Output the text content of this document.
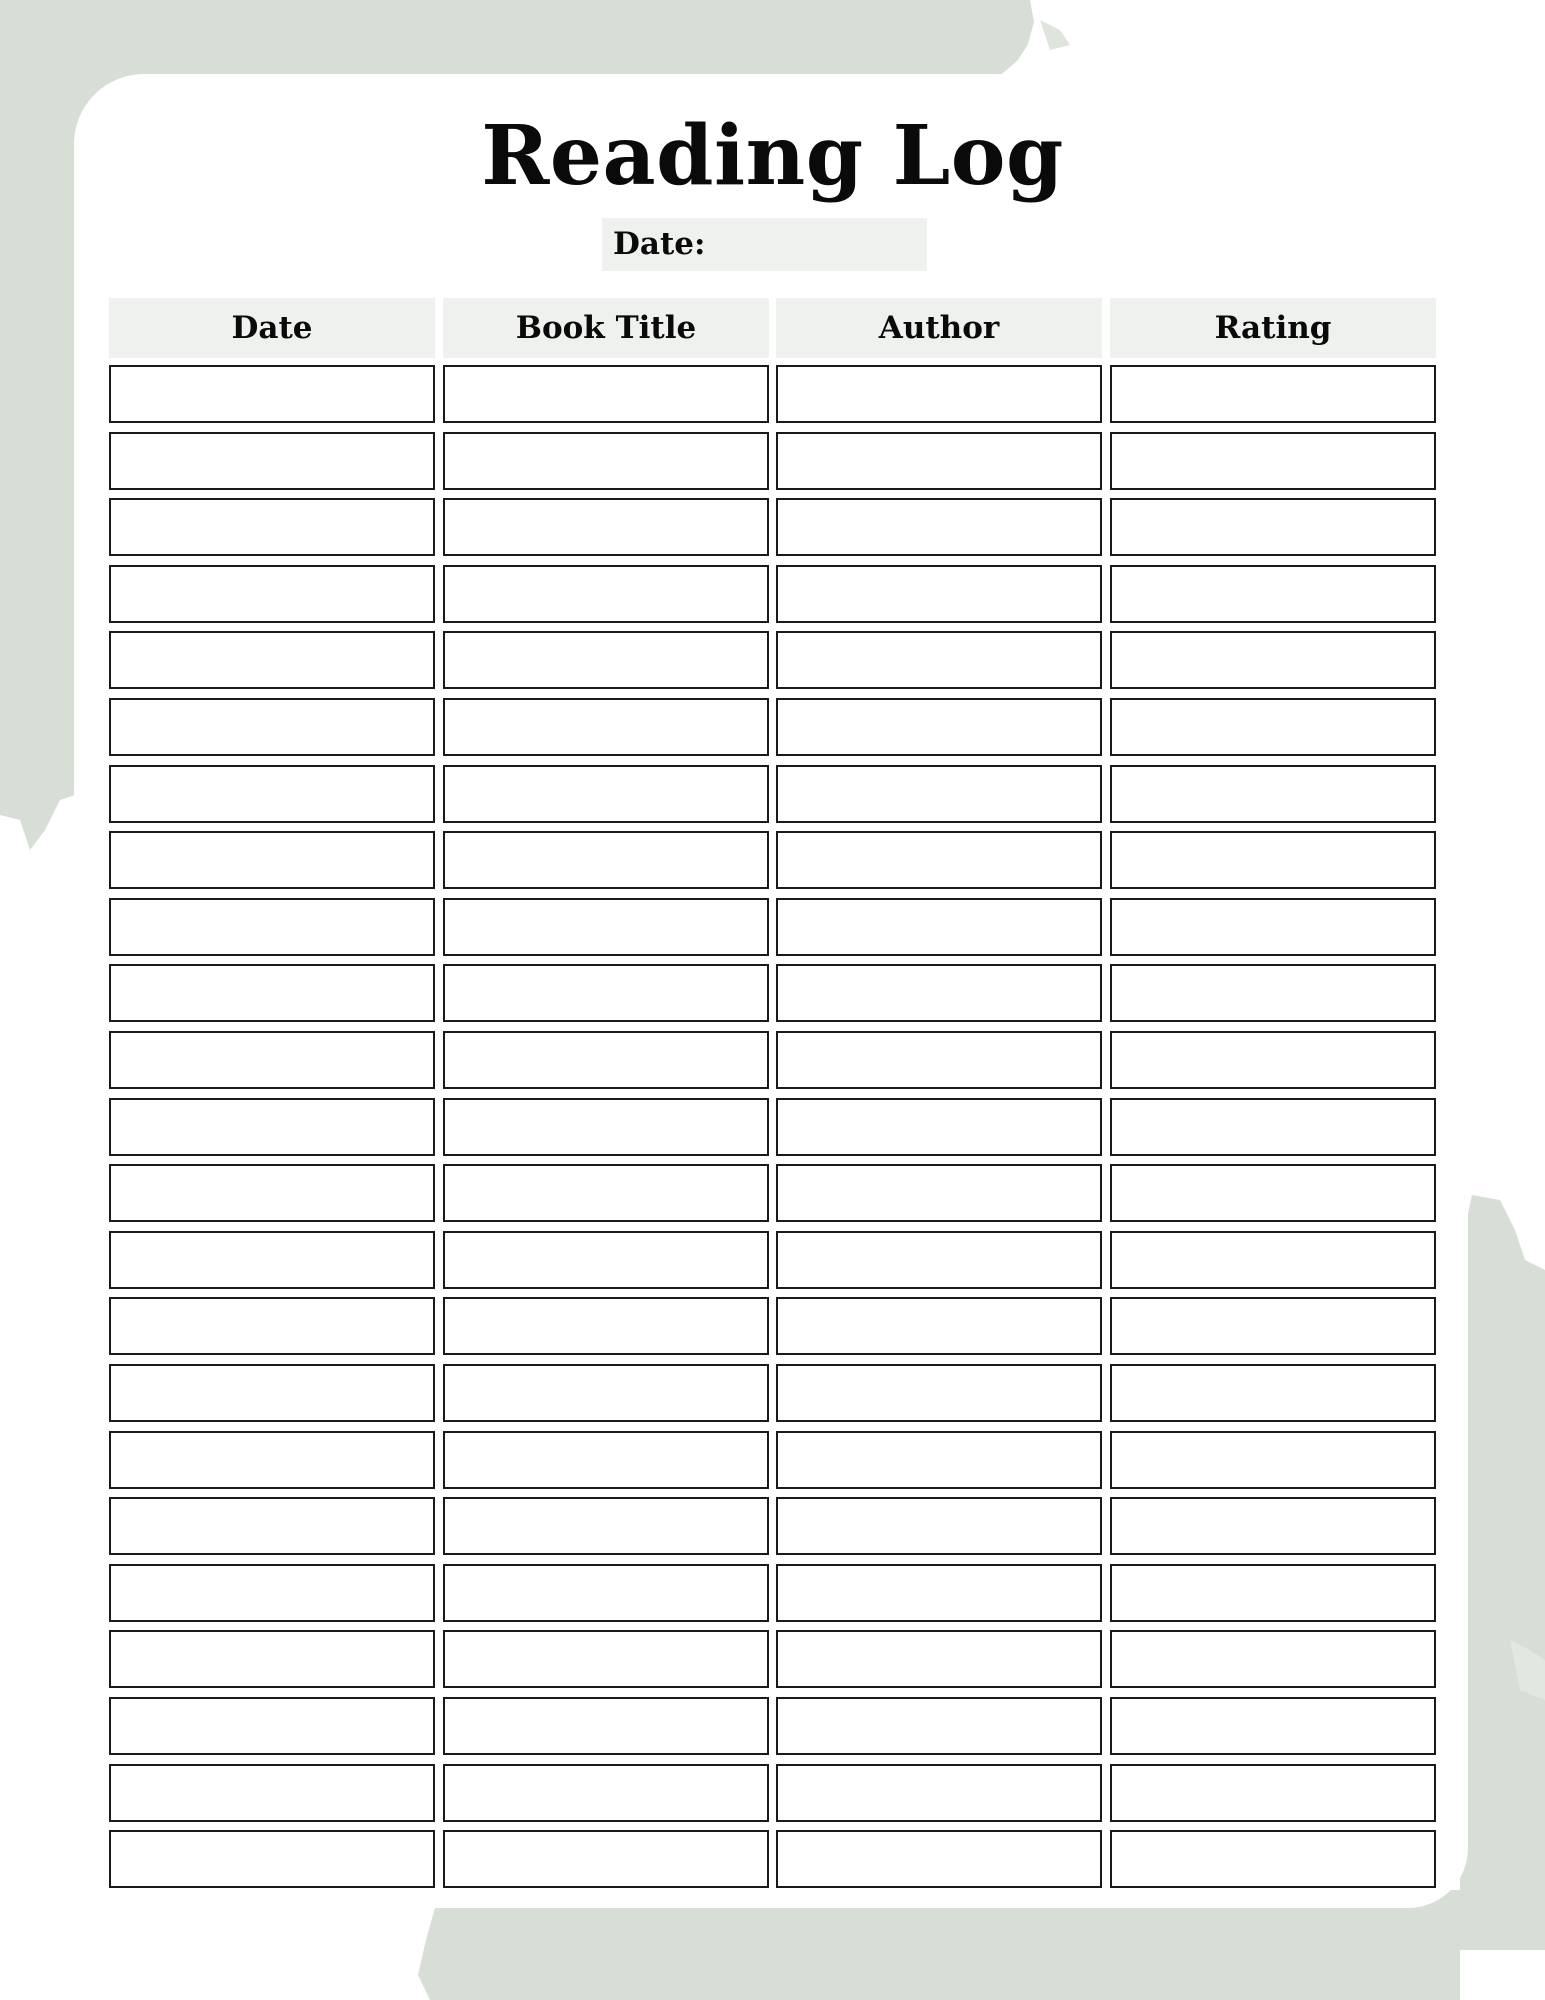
Reading Log
Date:
Date	Book Title	Author	Rating
